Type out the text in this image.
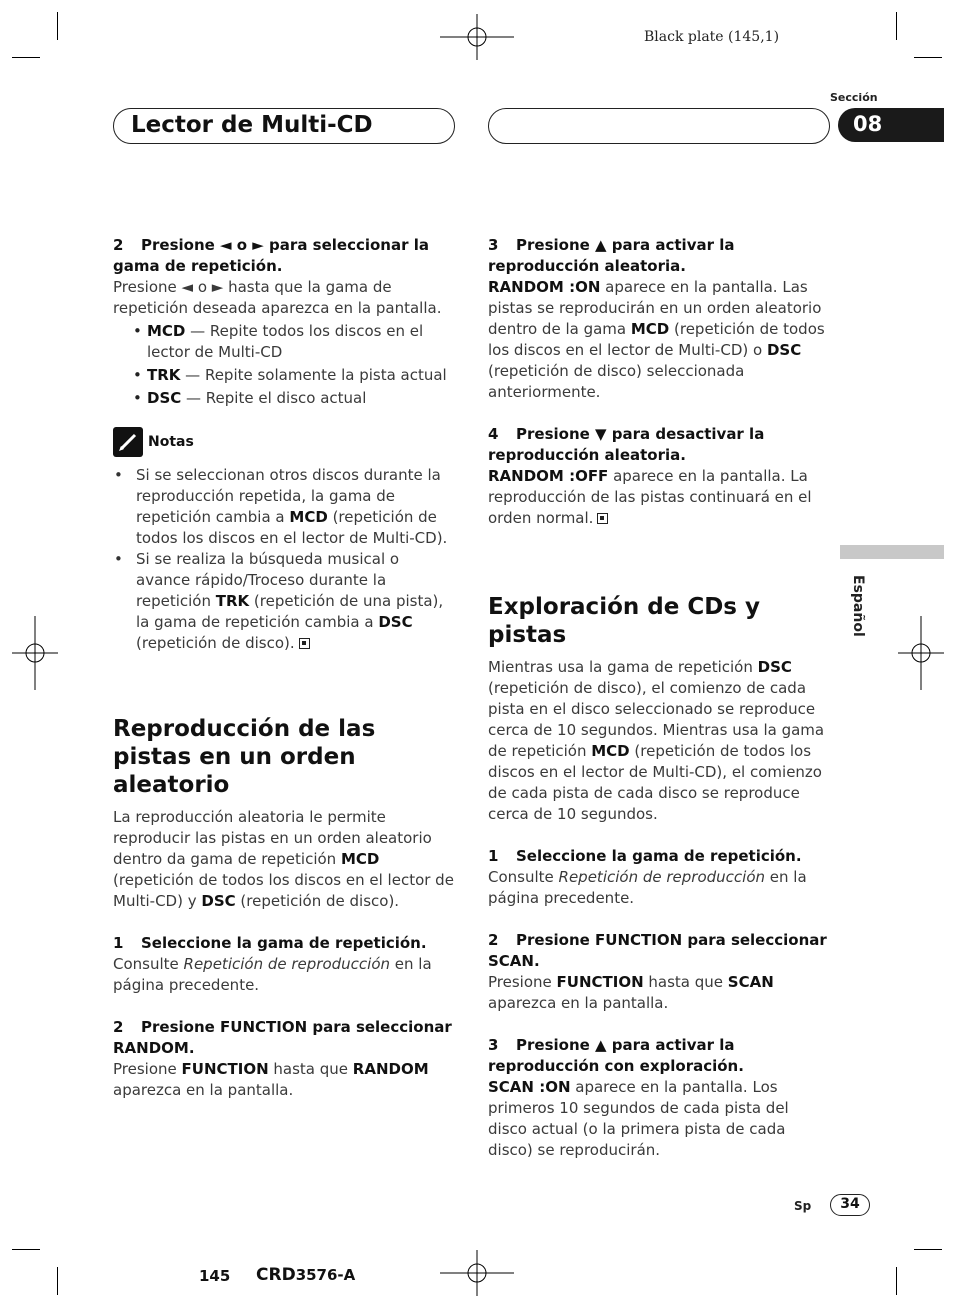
Black plate (145,1)
Lector de Multi-CD
Sección
08
Español

2 Presione ◄ o ► para seleccionar la gama de repetición.

Presione ◄ o ► hasta que la gama de repetición deseada aparezca en la pantalla.

• MCD — Repite todos los discos en el lector de Multi-CD
• TRK — Repite solamente la pista actual
• DSC — Repite el disco actual
Notas
• Si se seleccionan otros discos durante la reproducción repetida, la gama de repetición cambia a MCD (repetición de todos los discos en el lector de Multi-CD).
• Si se realiza la búsqueda musical o avance rápido/Troceso durante la repetición TRK (repetición de una pista), la gama de repetición cambia a DSC (repetición de disco).
Reproducción de las pistas en un orden aleatorio

La reproducción aleatoria le permite reproducir las pistas en un orden aleatorio dentro da gama de repetición MCD (repetición de todos los discos en el lector de Multi-CD) y DSC (repetición de disco).

1 Seleccione la gama de repetición.

Consulte Repetición de reproducción en la página precedente.

2 Presione FUNCTION para seleccionar RANDOM.

Presione FUNCTION hasta que RANDOM aparezca en la pantalla.

3 Presione ▲ para activar la reproducción aleatoria.

RANDOM :ON aparece en la pantalla. Las pistas se reproducirán en un orden aleatorio dentro de la gama MCD (repetición de todos los discos en el lector de Multi-CD) o DSC (repetición de disco) seleccionada anteriormente.

4 Presione ▼ para desactivar la reproducción aleatoria.

RANDOM :OFF aparece en la pantalla. La reproducción de las pistas continuará en el orden normal.

Exploración de CDs y pistas

Mientras usa la gama de repetición DSC (repetición de disco), el comienzo de cada pista en el disco seleccionado se reproduce cerca de 10 segundos. Mientras usa la gama de repetición MCD (repetición de todos los discos en el lector de Multi-CD), el comienzo de cada pista de cada disco se reproduce cerca de 10 segundos.

1 Seleccione la gama de repetición.

Consulte Repetición de reproducción en la página precedente.

2 Presione FUNCTION para seleccionar SCAN.

Presione FUNCTION hasta que SCAN aparezca en la pantalla.

3 Presione ▲ para activar la reproducción con exploración.

SCAN :ON aparece en la pantalla. Los primeros 10 segundos de cada pista del disco actual (o la primera pista de cada disco) se reproducirán.

Sp	34
145 CRD3576-A
